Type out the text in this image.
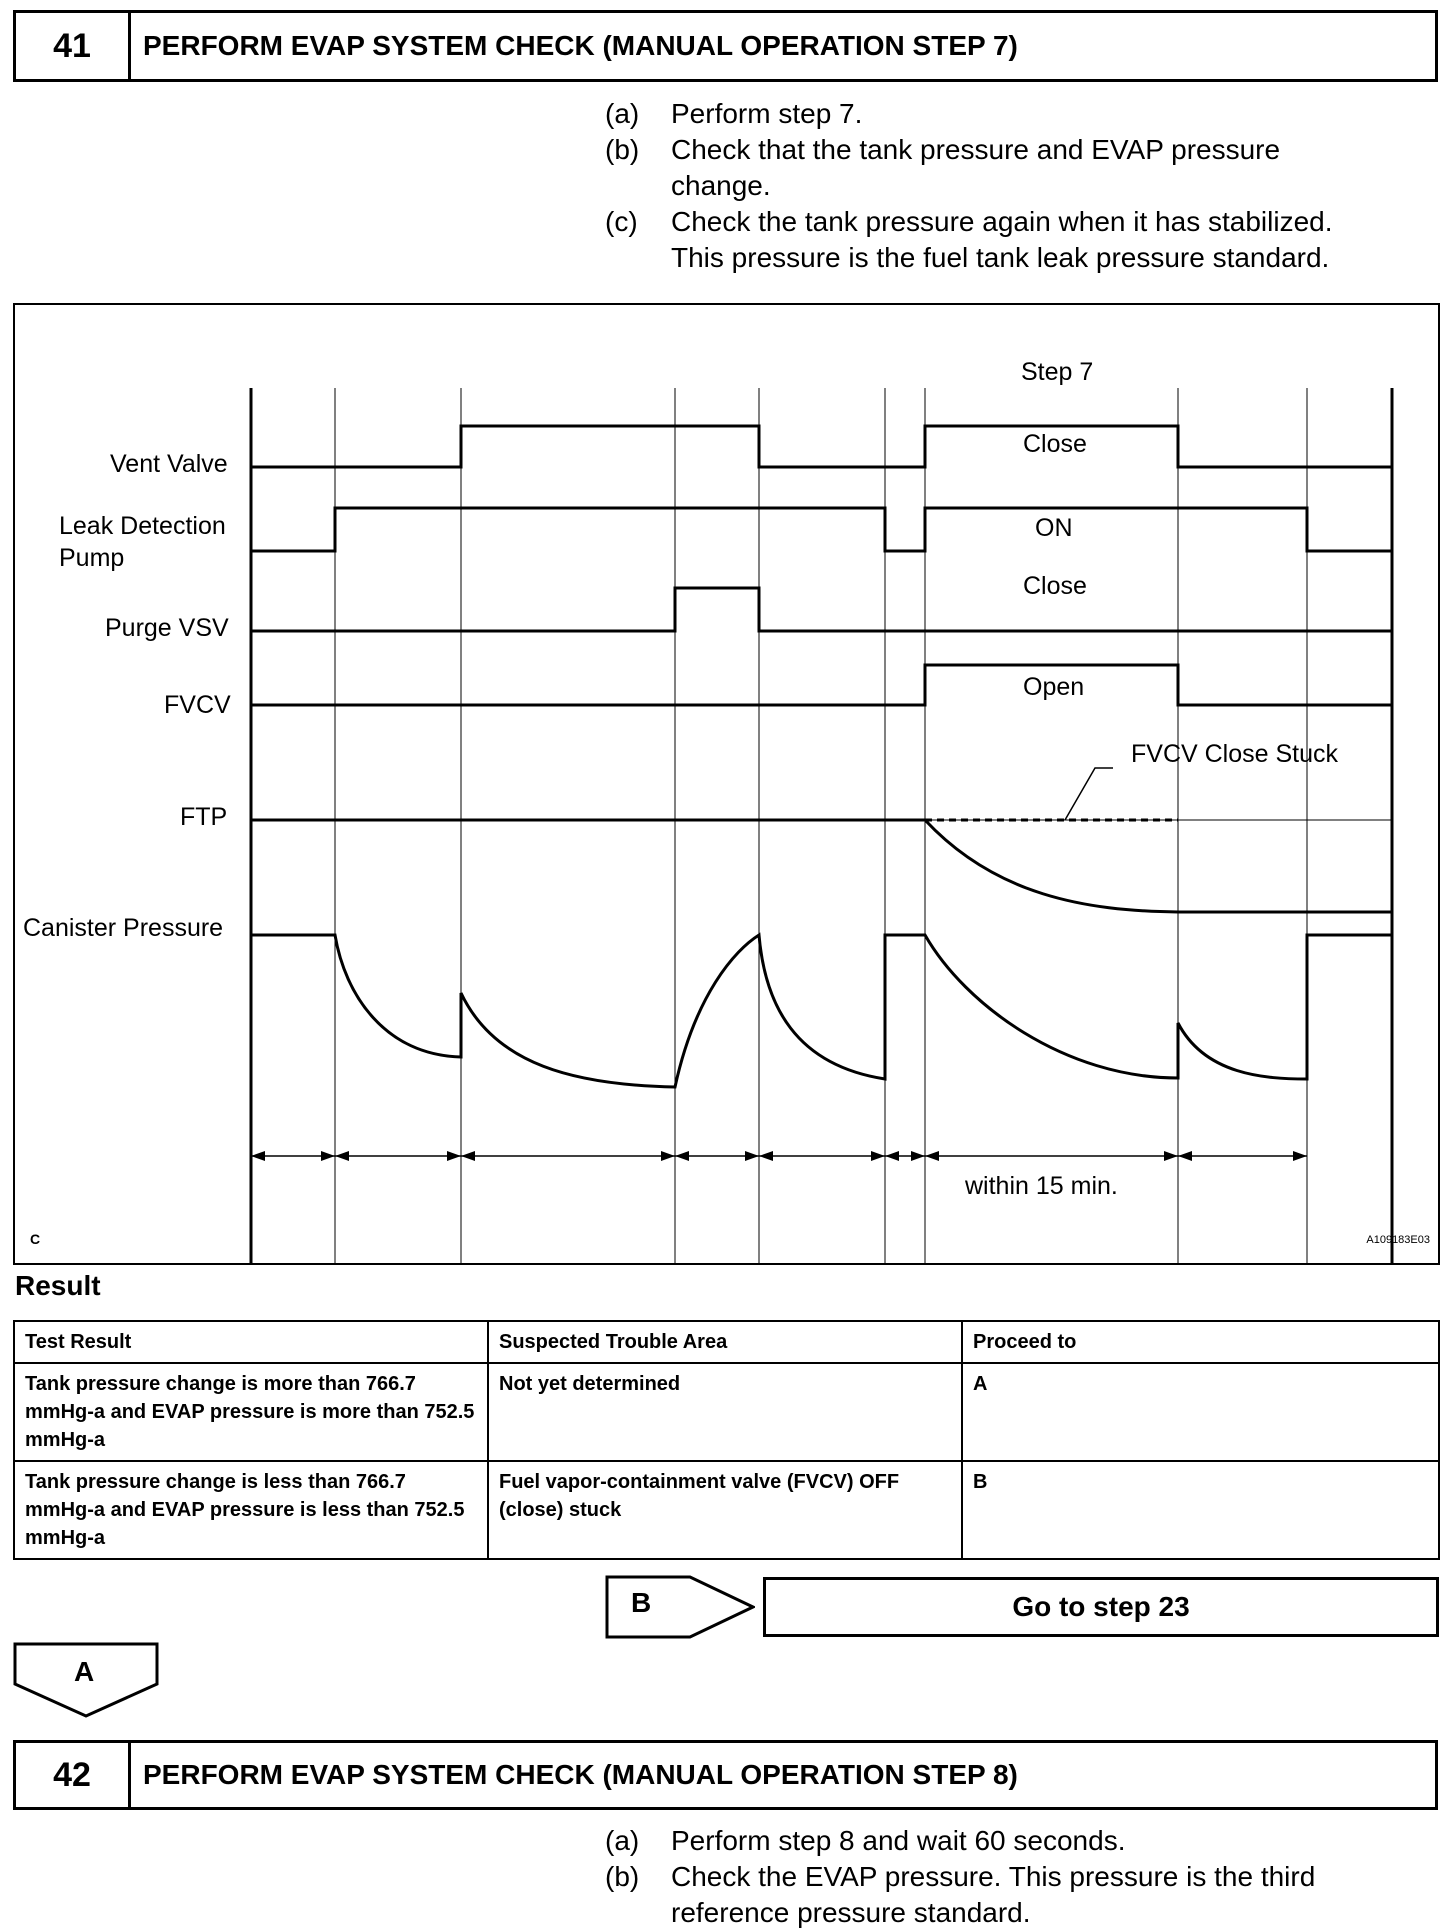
41	PERFORM EVAP SYSTEM CHECK (MANUAL OPERATION STEP 7)
(a)	Perform step 7.
(b)	Check that the tank pressure and EVAP pressure
change.
(c)	Check the tank pressure again when it has stabilized.
This pressure is the fuel tank leak pressure standard.
Step 7
Vent Valve
Leak Detection
Pump
Purge VSV
FVCV
FTP
Canister Pressure
Close
ON
Close
Open
FVCV Close Stuck
within 15 min.
C	A109183E03
Result
Test Result	Suspected Trouble Area	Proceed to
Tank pressure change is more than 766.7 mmHg-a and EVAP pressure is more than 752.5 mmHg-a	Not yet determined	A
Tank pressure change is less than 766.7 mmHg-a and EVAP pressure is less than 752.5 mmHg-a	Fuel vapor-containment valve (FVCV) OFF (close) stuck	B
B	Go to step 23
A
42	PERFORM EVAP SYSTEM CHECK (MANUAL OPERATION STEP 8)
(a)	Perform step 8 and wait 60 seconds.
(b)	Check the EVAP pressure. This pressure is the third
reference pressure standard.
